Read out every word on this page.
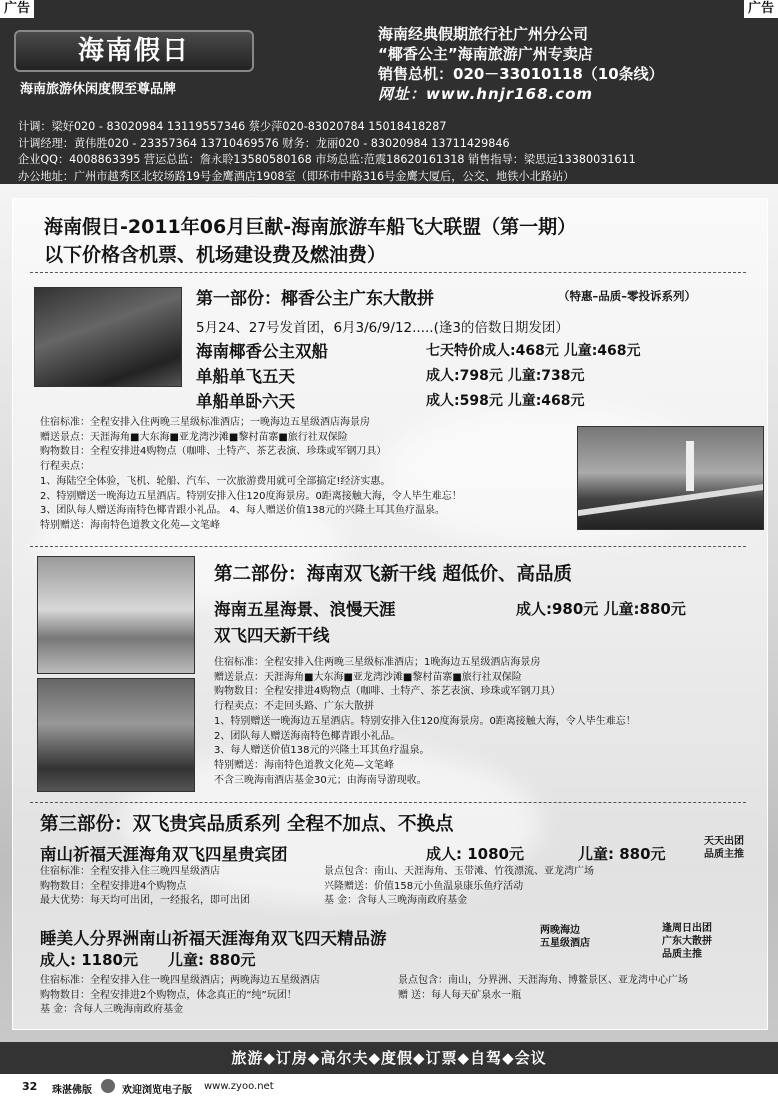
广告	广告
海南假日
海南旅游休闲度假至尊品牌
海南经典假期旅行社广州分公司
“椰香公主”海南旅游广州专卖店
销售总机：020－33010118（10条线）
网址：www.hnjr168.com
计调：梁好020 - 83020984 13119557346 蔡少萍020-83020784 15018418287
计调经理：黄伟胜020 - 23357364 13710469576 财务：龙丽020 - 83020984 13711429846
企业QQ：4008863395 营运总监：詹永聆13580580168 市场总监:范震18620161318 销售指导：梁思远13380031611
办公地址：广州市越秀区北较场路19号金鹰酒店1908室（即环市中路316号金鹰大厦后，公交、地铁小北路站）
海南假日-2011年06月巨献-海南旅游车船飞大联盟（第一期）
以下价格含机票、机场建设费及燃油费）
第一部份：椰香公主广东大散拼	（特惠–品质–零投诉系列）
5月24、27号发首团，6月3/6/9/12.....(逢3的倍数日期发团）
海南椰香公主双船	七天特价成人:468元 儿童:468元
单船单飞五天	成人:798元 儿童:738元
单船单卧六天	成人:598元 儿童:468元
住宿标准：全程安排入住两晚三星级标准酒店；一晚海边五星级酒店海景房
赠送景点：天涯海角■大东海■亚龙湾沙滩■黎村苗寨■旅行社双保险
购物数目：全程安排进4购物点（咖啡、土特产、茶艺表演、珍珠或军钢刀具）
行程卖点：
1、海陆空全体验，飞机、轮船、汽车、一次旅游费用就可全部搞定!经济实惠。
2、特别赠送一晚海边五星酒店。特别安排入住120度海景房。0距离接触大海，令人毕生难忘！
3、团队每人赠送海南特色椰青跟小礼品。 4、每人赠送价值138元的兴隆土耳其鱼疗温泉。
特别赠送：海南特色道教文化苑—文笔峰
第二部份：海南双飞新干线 超低价、高品质
海南五星海景、浪慢天涯	成人:980元 儿童:880元
双飞四天新干线
住宿标准：全程安排入住两晚三星级标准酒店；1晚海边五星级酒店海景房
赠送景点：天涯海角■大东海■亚龙湾沙滩■黎村苗寨■旅行社双保险
购物数目：全程安排进4购物点（咖啡、土特产、茶艺表演、珍珠或军钢刀具）
行程卖点：不走回头路、广东大散拼
1、特别赠送一晚海边五星酒店。特别安排入住120度海景房。0距离接触大海，令人毕生难忘！
2、团队每人赠送海南特色椰青跟小礼品。
3、每人赠送价值138元的兴隆土耳其鱼疗温泉。
特别赠送：海南特色道教文化苑—文笔峰
不含三晚海南酒店基金30元；由海南导游现收。
第三部份：双飞贵宾品质系列 全程不加点、不换点
南山祈福天涯海角双飞四星贵宾团	成人: 1080元	儿童: 880元
天天出团
品质主推
住宿标准：全程安排入住三晚四星级酒店
购物数目：全程安排进4个购物点
最大优势：每天均可出团，一经报名，即可出团
景点包含：南山、天涯海角、玉带滩、竹筏漂流、亚龙湾广场
兴隆赠送：价值158元小鱼温泉康乐鱼疗活动
基 金：含每人三晚海南政府基金
睡美人分界洲南山祈福天涯海角双飞四天精品游	两晚海边
五星级酒店
逢周日出团
广东大散拼
品质主推
成人: 1180元 儿童: 880元
住宿标准：全程安排入住一晚四星级酒店；两晚海边五星级酒店
购物数目：全程安排进2个购物点，体念真正的“纯”玩团！
基 金：含每人三晚海南政府基金
景点包含：南山，分界洲、天涯海角、博鳌景区、亚龙湾中心广场
赠 送：每人每天矿泉水一瓶
旅游◆订房◆高尔夫◆度假◆订票◆自驾◆会议
32 珠湛佛版	欢迎浏览电子版 www.zyoo.net
